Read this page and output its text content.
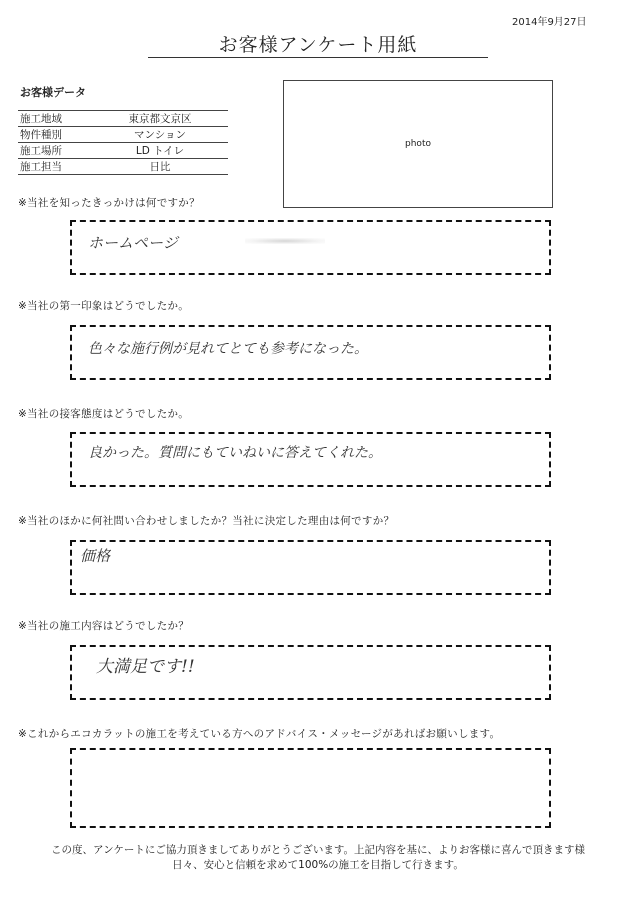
2014年9月27日
お客様アンケート用紙
お客様データ
施工地域	東京都文京区
物件種別	マンション
施工場所	LD トイレ
施工担当	日比
photo
※当社を知ったきっかけは何ですか？
ホームページ
※当社の第一印象はどうでしたか。
色々な施行例が見れてとても参考になった。
※当社の接客態度はどうでしたか。
良かった。質問にもていねいに答えてくれた。
※当社のほかに何社問い合わせしましたか？当社に決定した理由は何ですか？
価格
※当社の施工内容はどうでしたか？
大満足です!!
※これからエコカラットの施工を考えている方へのアドバイス・メッセージがあればお願いします。
この度、アンケートにご協力頂きましてありがとうございます。上記内容を基に、よりお客様に喜んで頂きます様
日々、安心と信頼を求めて100%の施工を目指して行きます。
